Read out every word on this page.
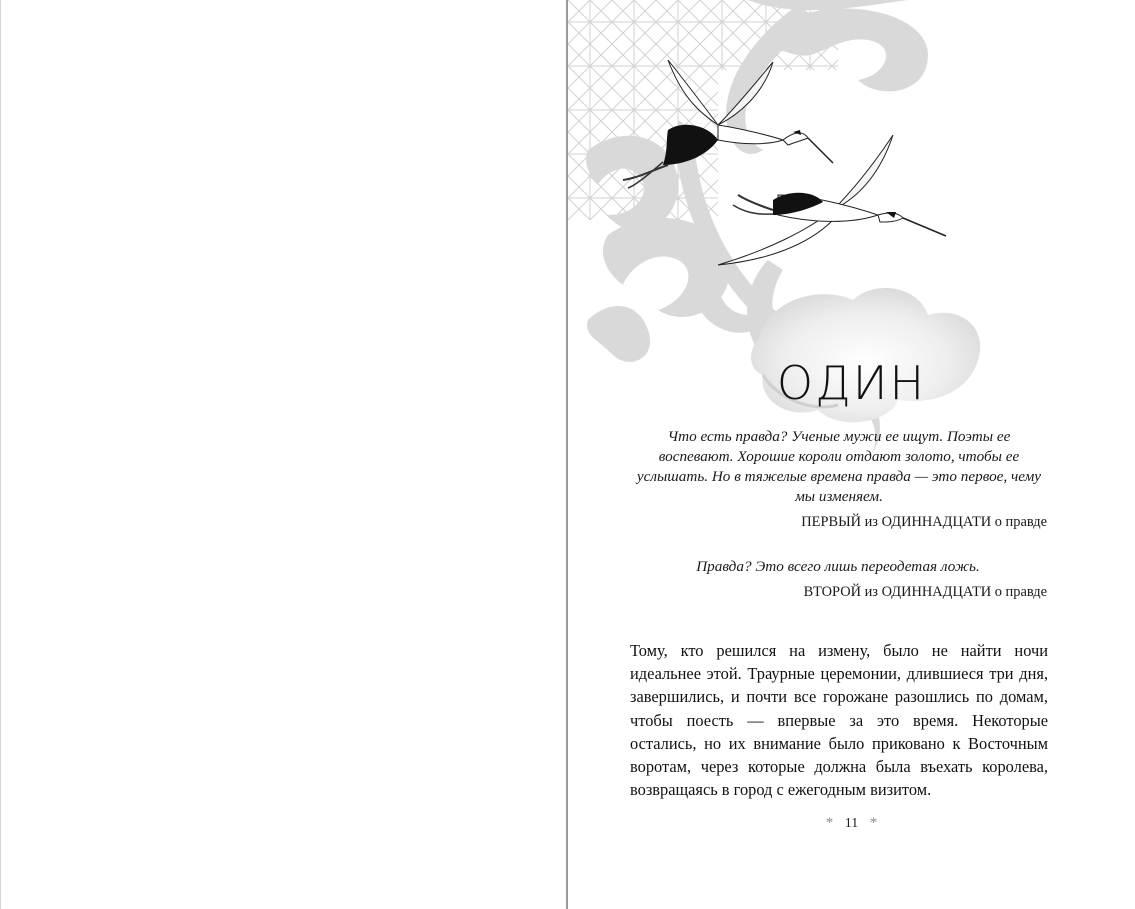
ОДИН
Что есть правда? Ученые мужи ее ищут. Поэты ее воспевают. Хорошие короли отдают золото, чтобы ее услышать. Но в тяжелые времена правда — это первое, чему мы изменяем.
ПЕРВЫЙ из ОДИННАДЦАТИ о правде
Правда? Это всего лишь переодетая ложь.
ВТОРОЙ из ОДИННАДЦАТИ о правде
Тому, кто решился на измену, было не найти ночи идеальнее этой. Траурные церемонии, длившиеся три дня, завершились, и почти все горожане разошлись по домам, чтобы поесть — впервые за это время. Некоторые остались, но их внимание было приковано к Восточным воротам, через которые должна была въехать королева, возвращаясь в город с ежегодным визитом.
* 11 *
